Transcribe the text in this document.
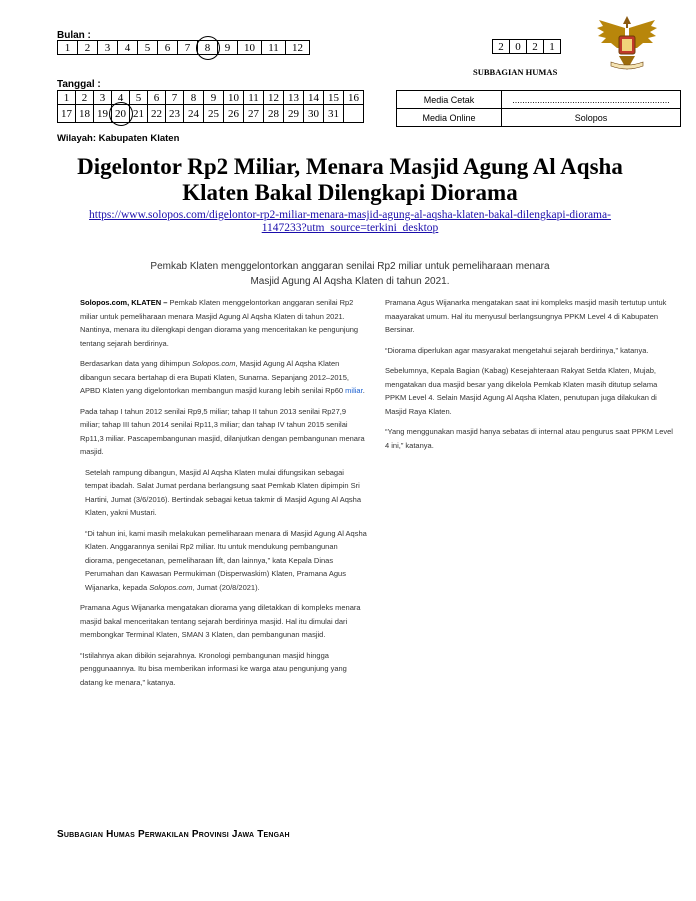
Bulan :
1	2	3	4	5	6	7	8	9	10	11	12	2	0	2	1
SUBBAGIAN HUMAS
Tanggal :
1	2	3	4	5	6	7	8	9	10	11	12	13	14	15	16
17	18	19	20	21	22	23	24	25	26	27	28	29	30	31	
Media Cetak	...............................................................
Media Online	Solopos
Wilayah: Kabupaten Klaten
Digelontor Rp2 Miliar, Menara Masjid Agung Al Aqsha
Klaten Bakal Dilengkapi Diorama
https://www.solopos.com/digelontor-rp2-miliar-menara-masjid-agung-al-aqsha-klaten-bakal-dilengkapi-diorama-
1147233?utm_source=terkini_desktop
Pemkab Klaten menggelontorkan anggaran senilai Rp2 miliar untuk pemeliharaan menara
Masjid Agung Al Aqsha Klaten di tahun 2021.

Solopos.com, KLATEN – Pemkab Klaten menggelontorkan anggaran senilai Rp2 miliar untuk pemeliharaan menara Masjid Agung Al Aqsha Klaten di tahun 2021. Nantinya, menara itu dilengkapi dengan diorama yang menceritakan ke pengunjung tentang sejarah berdirinya.

Berdasarkan data yang dihimpun Solopos.com, Masjid Agung Al Aqsha Klaten dibangun secara bertahap di era Bupati Klaten, Sunarna. Sepanjang 2012–2015, APBD Klaten yang digelontorkan membangun masjid kurang lebih senilai Rp60 miliar.

Pada tahap I tahun 2012 senilai Rp9,5 miliar; tahap II tahun 2013 senilai Rp27,9 miliar; tahap III tahun 2014 senilai Rp11,3 miliar; dan tahap IV tahun 2015 senilai Rp11,3 miliar. Pascapembangunan masjid, dilanjutkan dengan pembangunan menara masjid.

Setelah rampung dibangun, Masjid Al Aqsha Klaten mulai difungsikan sebagai tempat ibadah. Salat Jumat perdana berlangsung saat Pemkab Klaten dipimpin Sri Hartini, Jumat (3/6/2016). Bertindak sebagai ketua takmir di Masjid Agung Al Aqsha Klaten, yakni Mustari.

“Di tahun ini, kami masih melakukan pemeliharaan menara di Masjid Agung Al Aqsha Klaten. Anggarannya senilai Rp2 miliar. Itu untuk mendukung pembangunan diorama, pengecetanan, pemeliharaan lift, dan lainnya,” kata Kepala Dinas Perumahan dan Kawasan Permukiman (Disperwaskim) Klaten, Pramana Agus Wijanarka, kepada Solopos.com, Jumat (20/8/2021).

Pramana Agus Wijanarka mengatakan diorama yang diletakkan di kompleks menara masjid bakal menceritakan tentang sejarah berdirinya masjid. Hal itu dimulai dari membongkar Terminal Klaten, SMAN 3 Klaten, dan pembangunan masjid.

“Istilahnya akan dibikin sejarahnya. Kronologi pembangunan masjid hingga penggunaannya. Itu bisa memberikan informasi ke warga atau pengunjung yang datang ke menara,” katanya.

Pramana Agus Wijanarka mengatakan saat ini kompleks masjid masih tertutup untuk maayarakat umum. Hal itu menyusul berlangsungnya PPKM Level 4 di Kabupaten Bersinar.

“Diorama diperlukan agar masyarakat mengetahui sejarah berdirinya,” katanya.

Sebelumnya, Kepala Bagian (Kabag) Kesejahteraan Rakyat Setda Klaten, Mujab, mengatakan dua masjid besar yang dikelola Pemkab Klaten masih ditutup selama PPKM Level 4. Selain Masjid Agung Al Aqsha Klaten, penutupan juga dilakukan di Masjid Raya Klaten.

“Yang menggunakan masjid hanya sebatas di internal atau pengurus saat PPKM Level 4 ini,” katanya.

Subbagian Humas Perwakilan Provinsi Jawa Tengah
